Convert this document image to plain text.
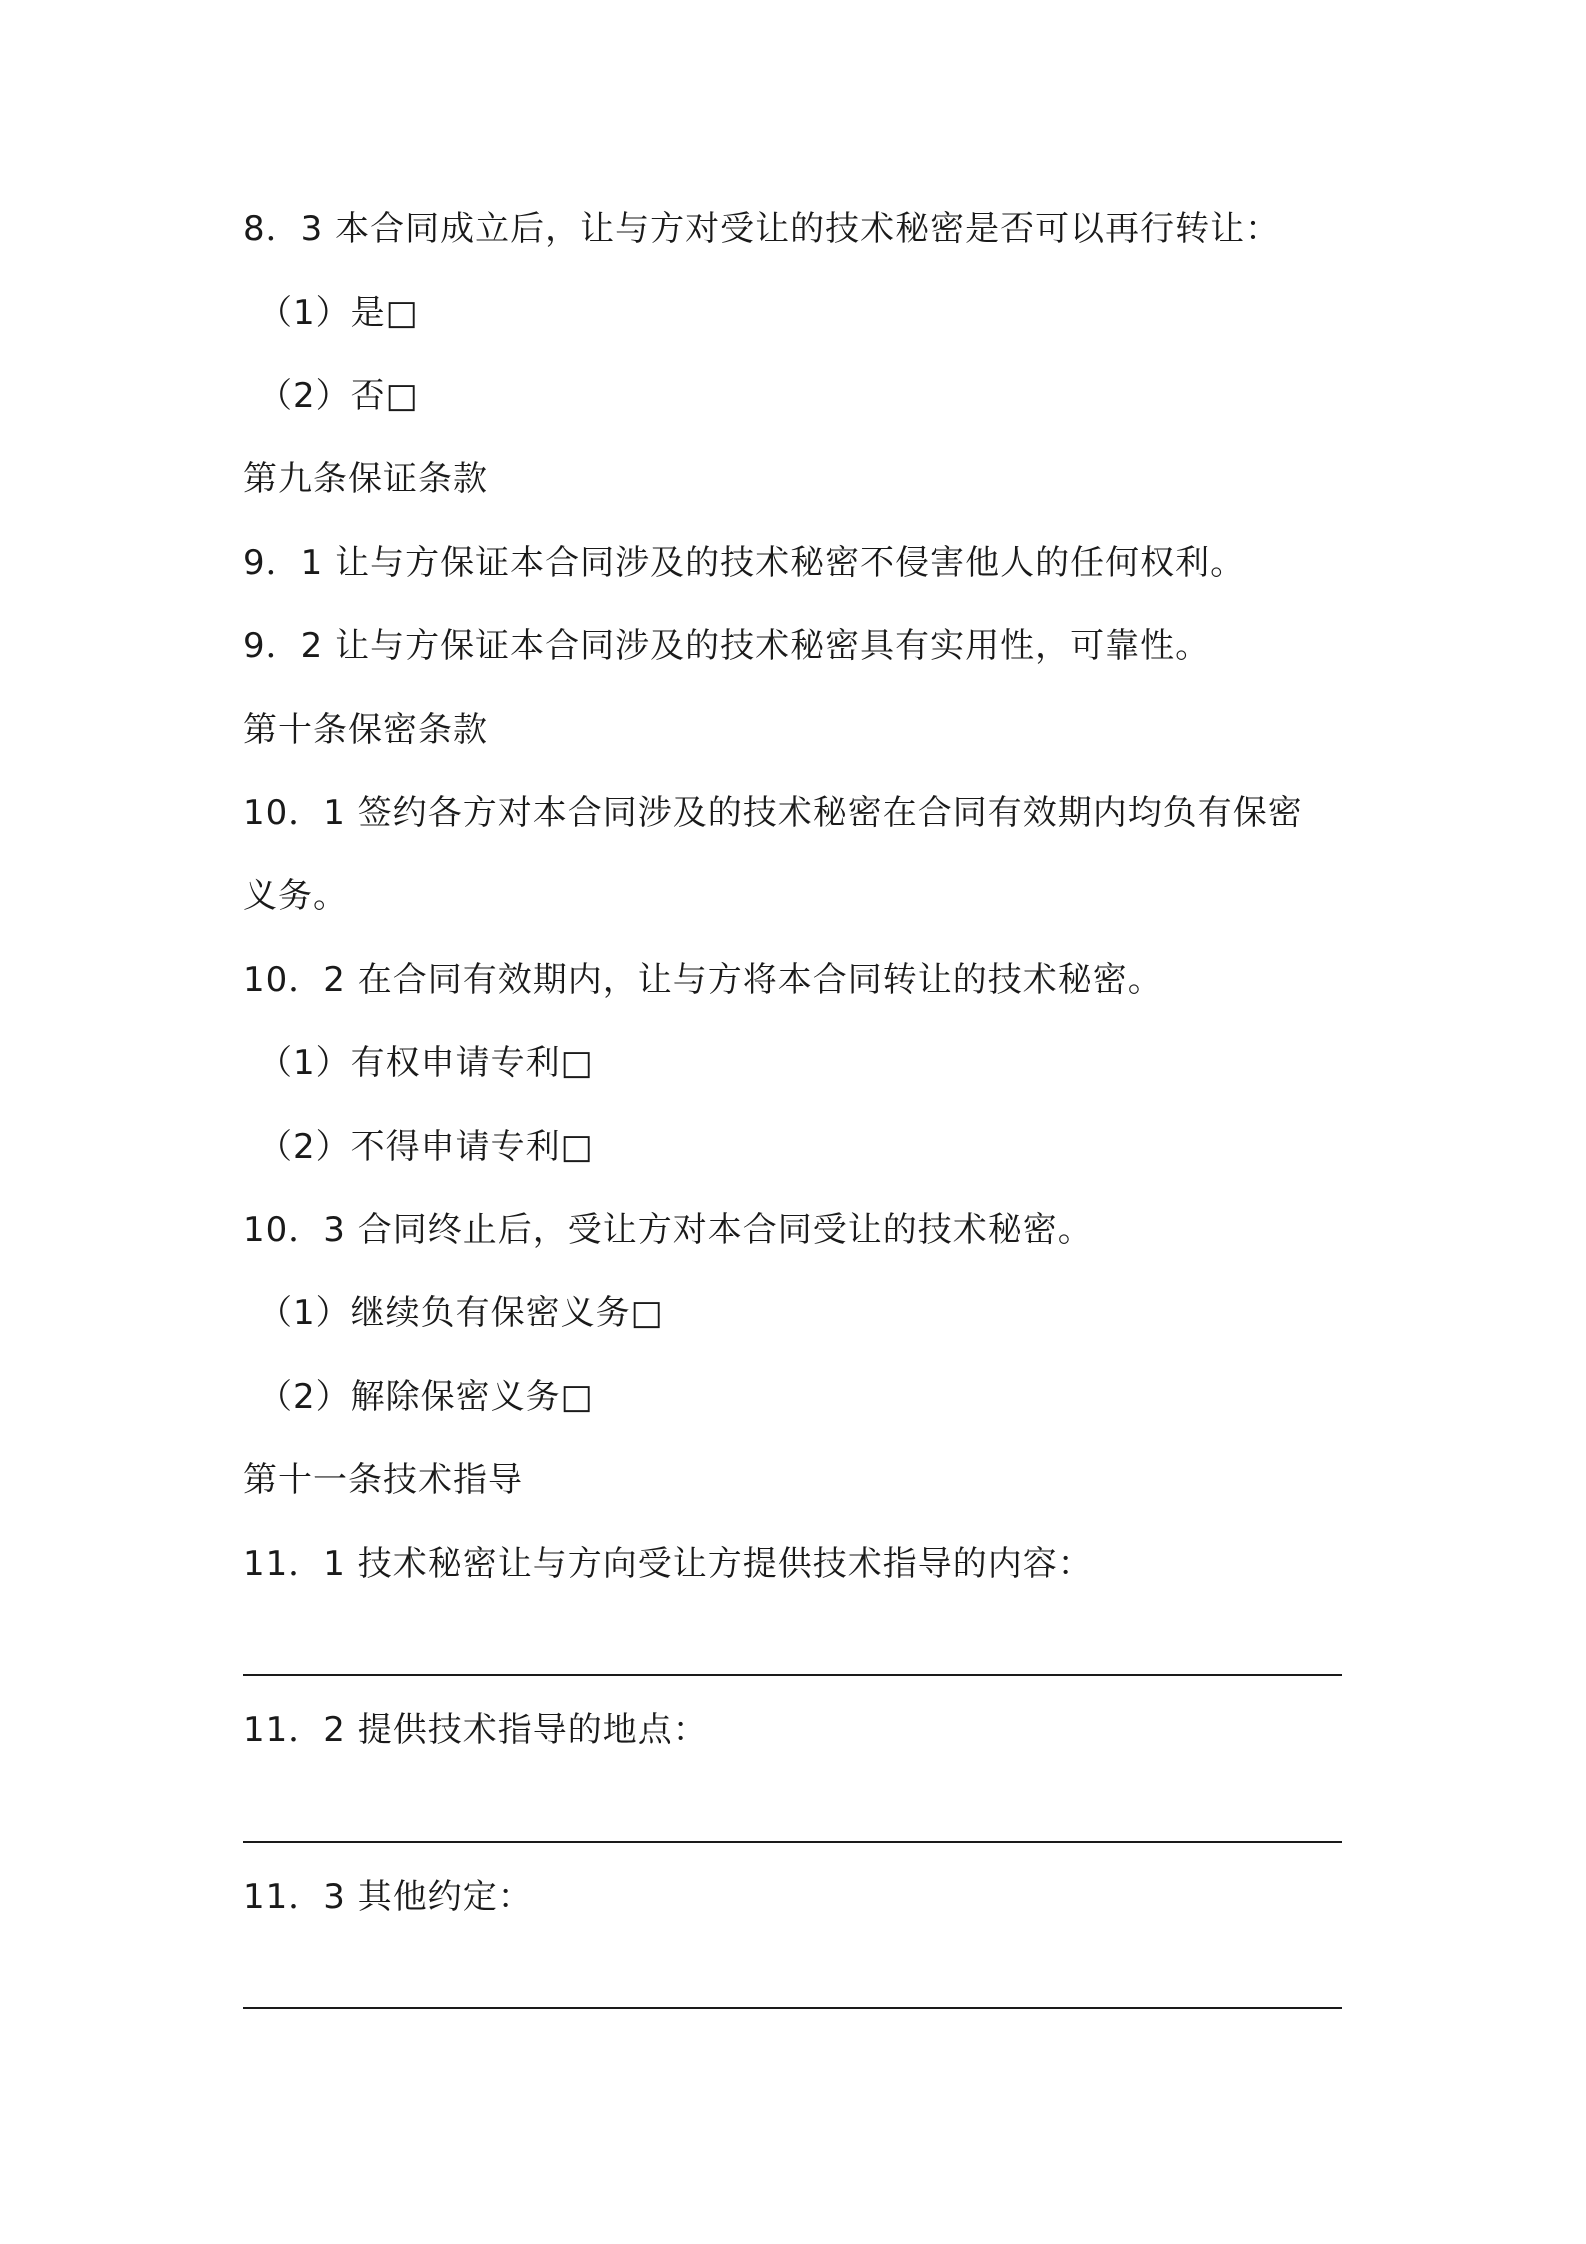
8．3 本合同成立后，让与方对受让的技术秘密是否可以再行转让：
（1）是□
（2）否□
第九条保证条款
9．1 让与方保证本合同涉及的技术秘密不侵害他人的任何权利。
9．2 让与方保证本合同涉及的技术秘密具有实用性，可靠性。
第十条保密条款
10．1 签约各方对本合同涉及的技术秘密在合同有效期内均负有保密
义务。
10．2 在合同有效期内，让与方将本合同转让的技术秘密。
（1）有权申请专利□
（2）不得申请专利□
10．3 合同终止后，受让方对本合同受让的技术秘密。
（1）继续负有保密义务□
（2）解除保密义务□
第十一条技术指导
11．1 技术秘密让与方向受让方提供技术指导的内容：
11．2 提供技术指导的地点：
11．3 其他约定：
